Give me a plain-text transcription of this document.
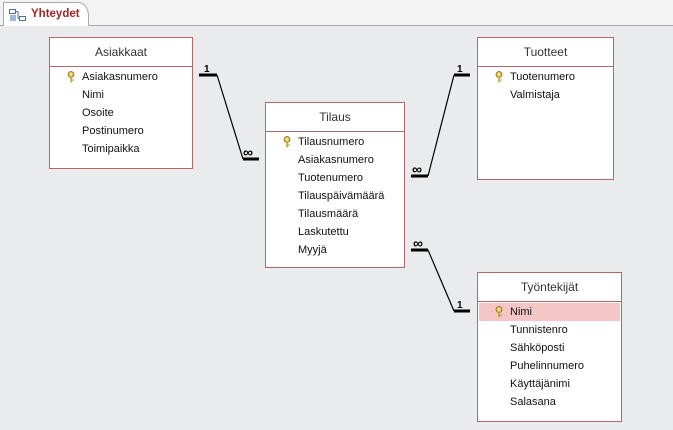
Yhteydet
1
∞
1
∞
∞
1
Asiakkaat
Asiakasnumero
Nimi
Osoite
Postinumero
Toimipaikka
Tilaus
Tilausnumero
Asiakasnumero
Tuotenumero
Tilauspäivämäärä
Tilausmäärä
Laskutettu
Myyjä
Tuotteet
Tuotenumero
Valmistaja
Työntekijät
Nimi
Tunnistenro
Sähköposti
Puhelinnumero
Käyttäjänimi
Salasana
